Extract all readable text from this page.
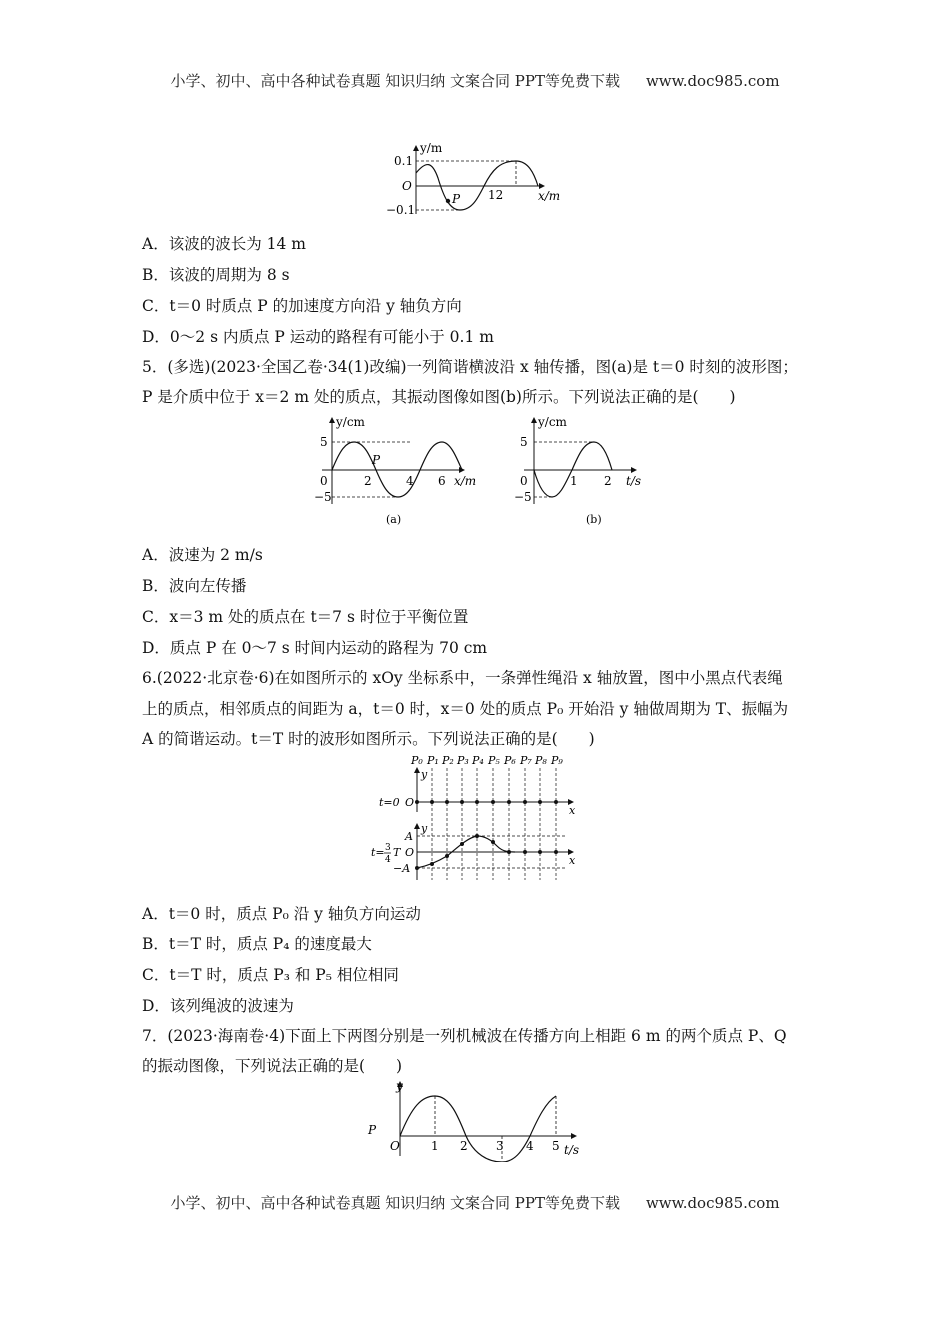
小学、初中、高中各种试卷真题 知识归纳 文案合同 PPT等免费下载 www.doc985.com
y/m
0.1
O
−0.1
12	x/m
P
A．该波的波长为 14 m
B．该波的周期为 8 s
C．t＝0 时质点 P 的加速度方向沿 y 轴负方向
D．0～2 s 内质点 P 运动的路程有可能小于 0.1 m
5．(多选)(2023·全国乙卷·34(1)改编)一列简谐横波沿 x 轴传播，图(a)是 t＝0 时刻的波形图；
P 是介质中位于 x＝2 m 处的质点，其振动图像如图(b)所示。下列说法正确的是(　　)
y/cm
5
0
−5
2	4 6 x/m
P
(a)
y/cm
5
0
−5
1 2 t/s
(b)
A．波速为 2 m/s
B．波向左传播
C．x＝3 m 处的质点在 t＝7 s 时位于平衡位置
D．质点 P 在 0～7 s 时间内运动的路程为 70 cm
6.(2022·北京卷·6)在如图所示的 xOy 坐标系中，一条弹性绳沿 x 轴放置，图中小黑点代表绳
上的质点，相邻质点的间距为 a，t＝0 时，x＝0 处的质点 P₀ 开始沿 y 轴做周期为 T、振幅为
A 的简谐运动。t＝T 时的波形如图所示。下列说法正确的是(　　)
P₀ P₁ P₂ P₃ P₄ P₅ P₆ P₇ P₈ P₉
y
t=0 O
x
y
A
t= 3
4
T O
−A
x
A．t＝0 时，质点 P₀ 沿 y 轴负方向运动
B．t＝T 时，质点 P₄ 的速度最大
C．t＝T 时，质点 P₃ 和 P₅ 相位相同
D．该列绳波的波速为
7．(2023·海南卷·4)下面上下两图分别是一列机械波在传播方向上相距 6 m 的两个质点 P、Q
的振动图像，下列说法正确的是(　　)
y
P
O	1 2 3 4 5 t/s
小学、初中、高中各种试卷真题 知识归纳 文案合同 PPT等免费下载 www.doc985.com
